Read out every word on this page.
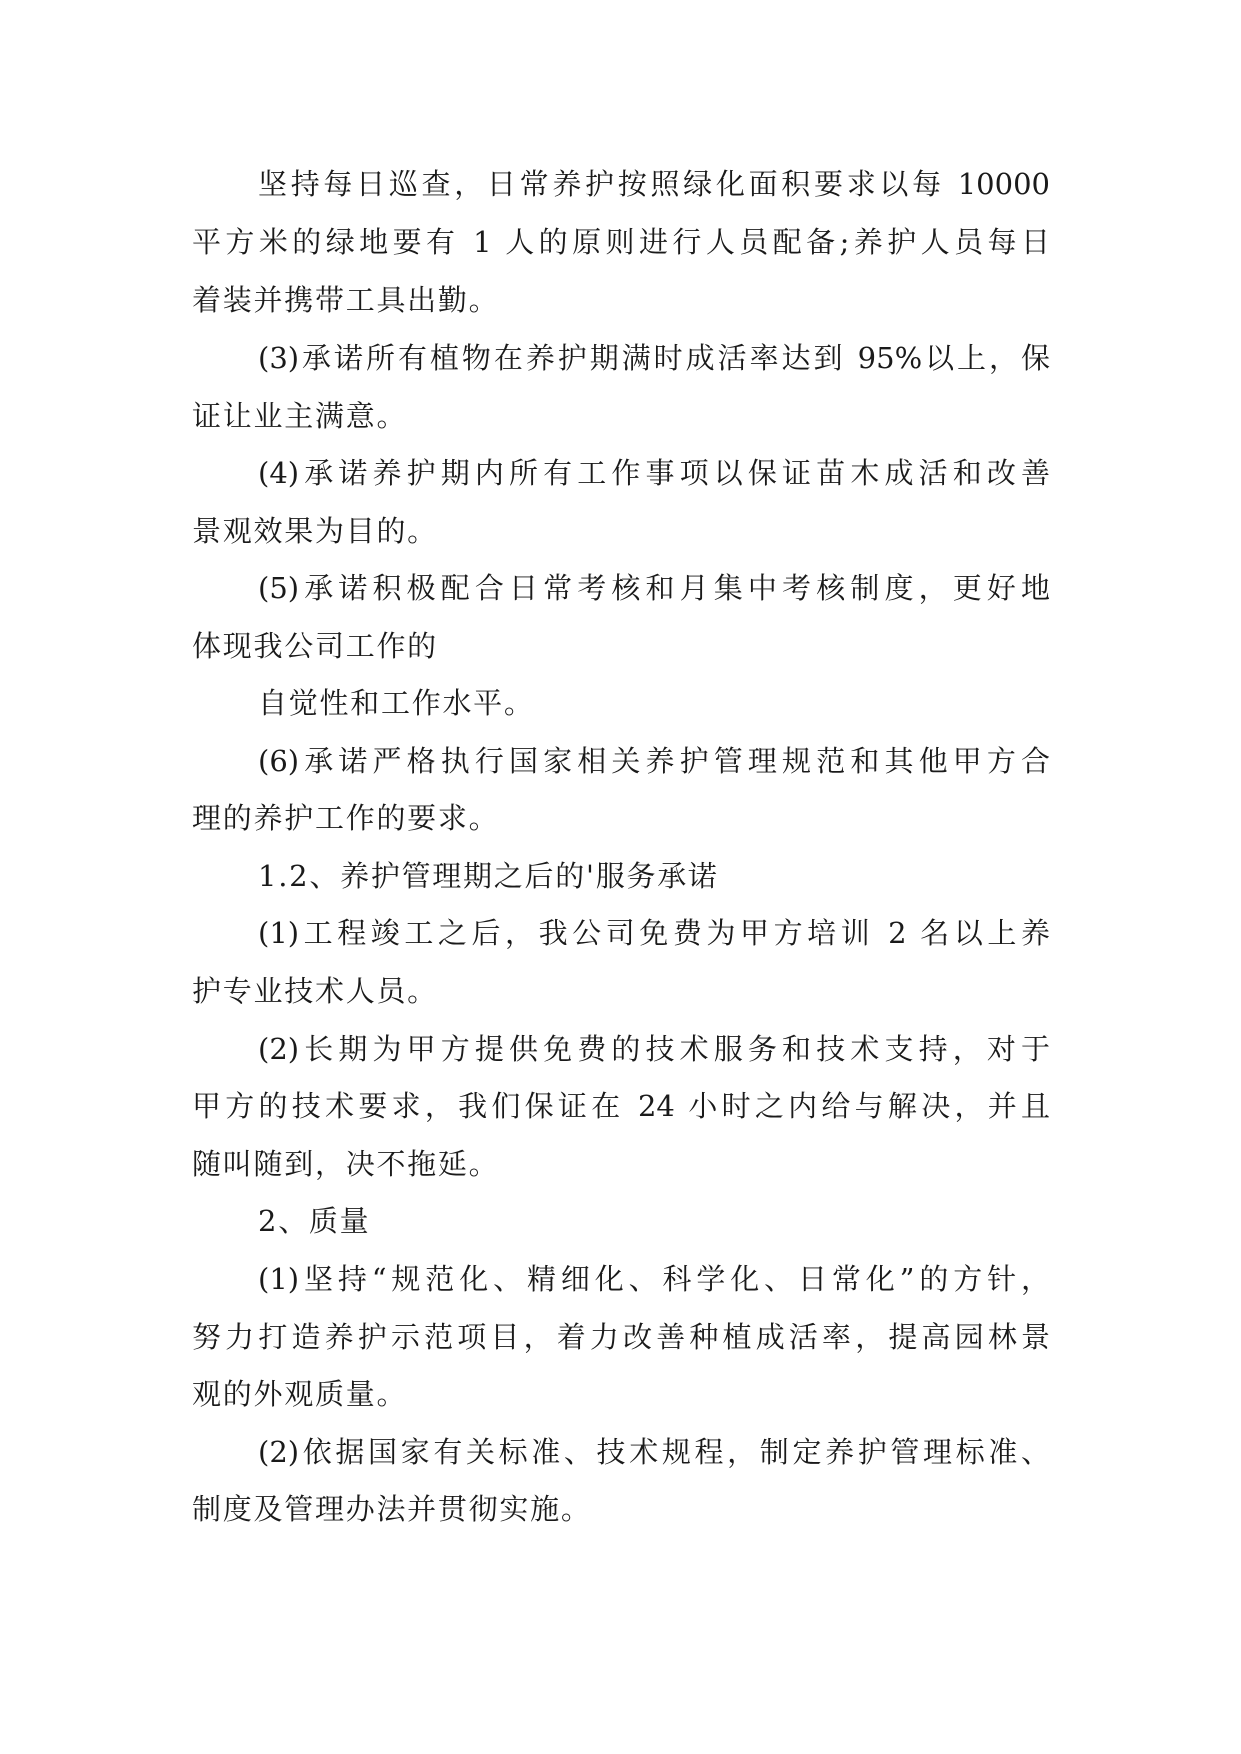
坚持每日巡查，日常养护按照绿化面积要求以每 10000
平方米的绿地要有 1 人的原则进行人员配备;养护人员每日
着装并携带工具出勤。
(3)承诺所有植物在养护期满时成活率达到 95%以上，保
证让业主满意。
(4)承诺养护期内所有工作事项以保证苗木成活和改善
景观效果为目的。
(5)承诺积极配合日常考核和月集中考核制度，更好地
体现我公司工作的
自觉性和工作水平。
(6)承诺严格执行国家相关养护管理规范和其他甲方合
理的养护工作的要求。
1.2、养护管理期之后的'服务承诺
(1)工程竣工之后，我公司免费为甲方培训 2 名以上养
护专业技术人员。
(2)长期为甲方提供免费的技术服务和技术支持，对于
甲方的技术要求，我们保证在 24 小时之内给与解决，并且
随叫随到，决不拖延。
2、质量
(1)坚持“规范化、精细化、科学化、日常化”的方针，
努力打造养护示范项目，着力改善种植成活率，提高园林景
观的外观质量。
(2)依据国家有关标准、技术规程，制定养护管理标准、
制度及管理办法并贯彻实施。
